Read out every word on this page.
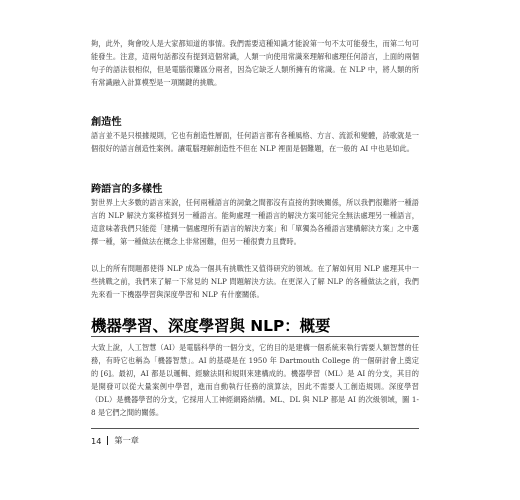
夠，此外，夠會咬人是大家都知道的事情。我們需要這種知識才能說第一句不太可能發生，而第二句可能發生。注意，這兩句話都沒有提到這個常識，人類一向使用常識來理解和處理任何語言，上面的兩個句子的語法很相似，但是電腦很難區分兩者，因為它缺乏人類所擁有的常識。在 NLP 中，將人類的所有常識融入計算模型是一項關鍵的挑戰。

創造性

語言並不是只根據規則，它也有創造性層面，任何語言都有各種風格、方言、流派和變體，詩歌就是一個很好的語言創造性案例。讓電腦理解創造性不但在 NLP 裡面是個難題，在一般的 AI 中也是如此。

跨語言的多樣性

對世界上大多數的語言來說，任何兩種語言的詞彙之間都沒有直接的對映關係，所以我們很難將一種語言的 NLP 解決方案移植到另一種語言。能夠處理一種語言的解決方案可能完全無法處理另一種語言，這意味著我們只能從「建構一個處理所有語言的解決方案」和「單獨為各種語言建構解決方案」之中選擇一種，第一種做法在概念上非常困難，但另一種很費力且費時。

以上的所有問題都使得 NLP 成為一個具有挑戰性又值得研究的領域。在了解如何用 NLP 處理其中一些挑戰之前，我們來了解一下常見的 NLP 問題解決方法。在更深入了解 NLP 的各種做法之前，我們先來看一下機器學習與深度學習和 NLP 有什麼關係。

機器學習、深度學習與 NLP：概要

大致上說，人工智慧（AI）是電腦科學的一個分支，它的目的是建構一個系統來執行需要人類智慧的任務，有時它也稱為「機器智慧」。AI 的基礎是在 1950 年 Dartmouth College 的一個研討會上奠定的 [6]。最初，AI 都是以邏輯、經驗法則和規則來建構成的。機器學習（ML）是 AI 的分支，其目的是開發可以從大量案例中學習，進而自動執行任務的演算法，因此不需要人工創造規則。深度學習（DL）是機器學習的分支，它採用人工神經網路結構。ML、DL 與 NLP 都是 AI 的次級領域，圖 1-8 是它們之間的關係。

14 第一章
